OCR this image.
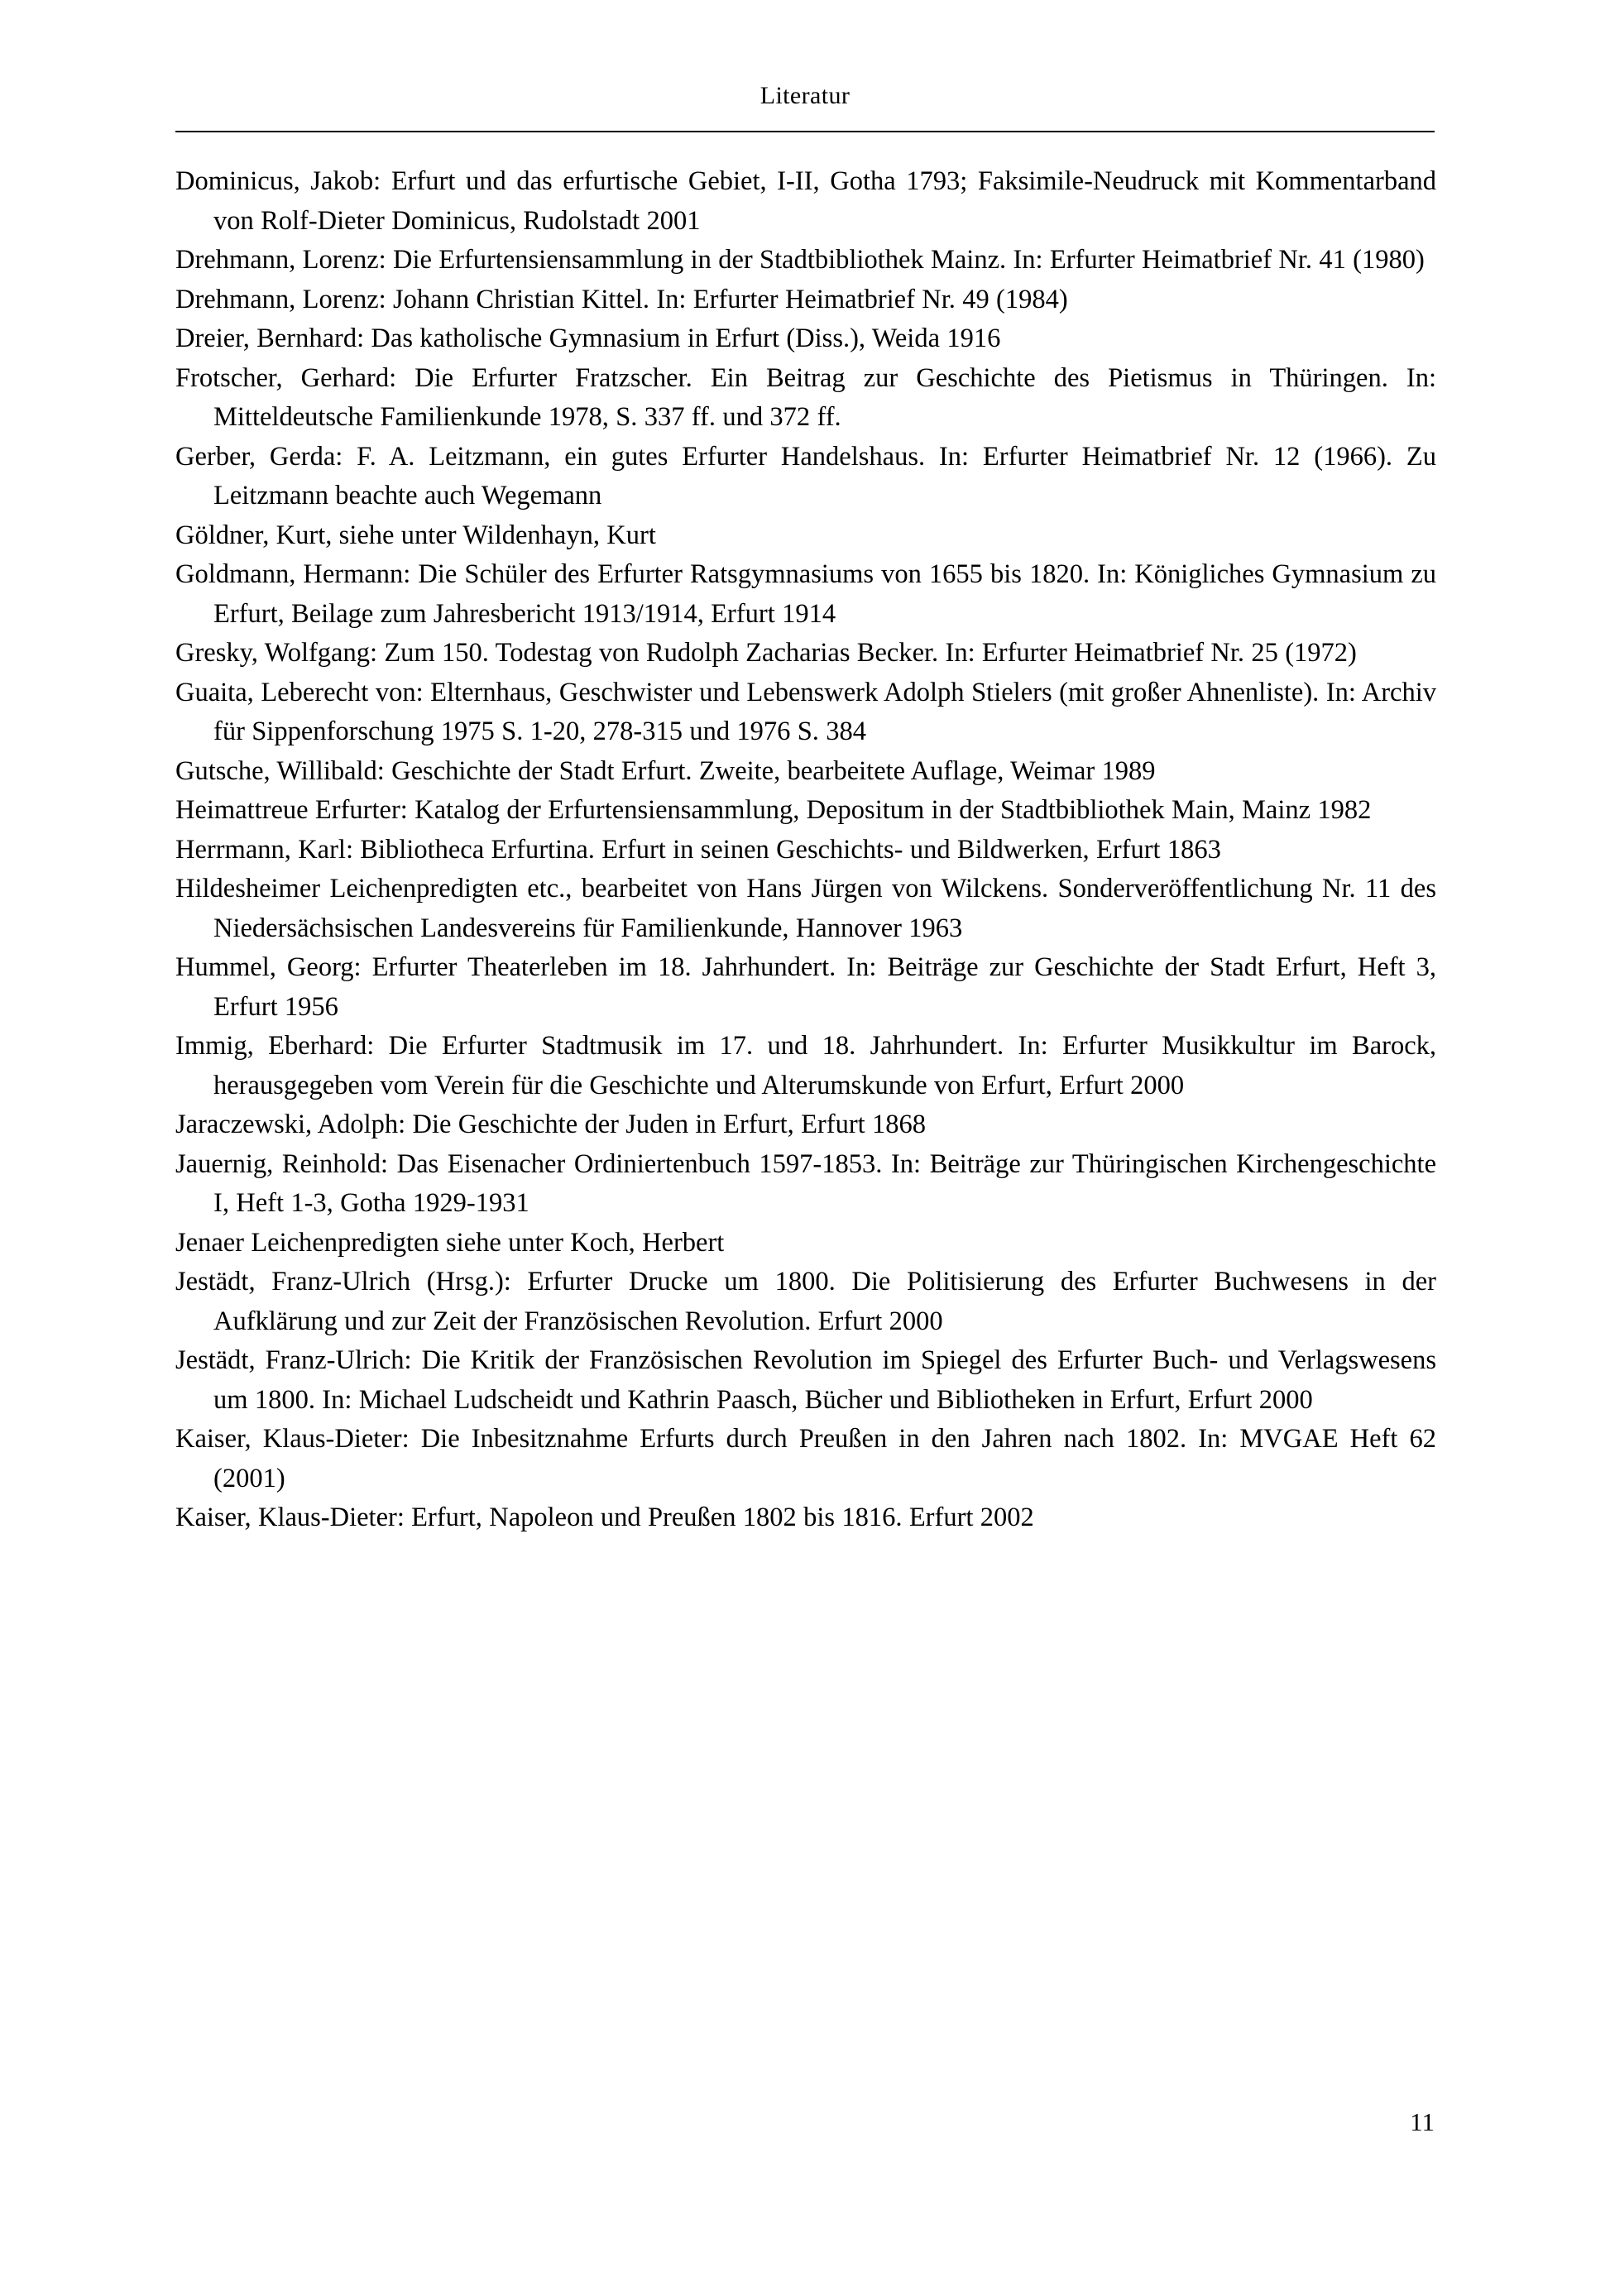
Literatur

Dominicus, Jakob: Erfurt und das erfurtische Gebiet, I-II, Gotha 1793; Faksimile-Neudruck mit Kommentarband von Rolf-Dieter Dominicus, Rudolstadt 2001

Drehmann, Lorenz: Die Erfurtensiensammlung in der Stadtbibliothek Mainz. In: Erfurter Heimatbrief Nr. 41 (1980)

Drehmann, Lorenz: Johann Christian Kittel. In: Erfurter Heimatbrief Nr. 49 (1984)

Dreier, Bernhard: Das katholische Gymnasium in Erfurt (Diss.), Weida 1916

Frotscher, Gerhard: Die Erfurter Fratzscher. Ein Beitrag zur Geschichte des Pietismus in Thüringen. In: Mitteldeutsche Familienkunde 1978, S. 337 ff. und 372 ff.

Gerber, Gerda: F. A. Leitzmann, ein gutes Erfurter Handelshaus. In: Erfurter Heimatbrief Nr. 12 (1966). Zu Leitzmann beachte auch Wegemann

Göldner, Kurt, siehe unter Wildenhayn, Kurt

Goldmann, Hermann: Die Schüler des Erfurter Ratsgymnasiums von 1655 bis 1820. In: Königliches Gymnasium zu Erfurt, Beilage zum Jahresbericht 1913/1914, Erfurt 1914

Gresky, Wolfgang: Zum 150. Todestag von Rudolph Zacharias Becker. In: Erfurter Heimatbrief Nr. 25 (1972)

Guaita, Leberecht von: Elternhaus, Geschwister und Lebenswerk Adolph Stielers (mit großer Ahnenliste). In: Archiv für Sippenforschung 1975 S. 1-20, 278-315 und 1976 S. 384

Gutsche, Willibald: Geschichte der Stadt Erfurt. Zweite, bearbeitete Auflage, Weimar 1989

Heimattreue Erfurter: Katalog der Erfurtensiensammlung, Depositum in der Stadtbibliothek Main, Mainz 1982

Herrmann, Karl: Bibliotheca Erfurtina. Erfurt in seinen Geschichts- und Bildwerken, Erfurt 1863

Hildesheimer Leichenpredigten etc., bearbeitet von Hans Jürgen von Wilckens. Sonderveröffentlichung Nr. 11 des Niedersächsischen Landesvereins für Familienkunde, Hannover 1963

Hummel, Georg: Erfurter Theaterleben im 18. Jahrhundert. In: Beiträge zur Geschichte der Stadt Erfurt, Heft 3, Erfurt 1956

Immig, Eberhard: Die Erfurter Stadtmusik im 17. und 18. Jahrhundert. In: Erfurter Musikkultur im Barock, herausgegeben vom Verein für die Geschichte und Alterumskunde von Erfurt, Erfurt 2000

Jaraczewski, Adolph: Die Geschichte der Juden in Erfurt, Erfurt 1868

Jauernig, Reinhold: Das Eisenacher Ordiniertenbuch 1597-1853. In: Beiträge zur Thüringischen Kirchengeschichte I, Heft 1-3, Gotha 1929-1931

Jenaer Leichenpredigten siehe unter Koch, Herbert

Jestädt, Franz-Ulrich (Hrsg.): Erfurter Drucke um 1800. Die Politisierung des Erfurter Buchwesens in der Aufklärung und zur Zeit der Französischen Revolution. Erfurt 2000

Jestädt, Franz-Ulrich: Die Kritik der Französischen Revolution im Spiegel des Erfurter Buch- und Verlagswesens um 1800. In: Michael Ludscheidt und Kathrin Paasch, Bücher und Bibliotheken in Erfurt, Erfurt 2000

Kaiser, Klaus-Dieter: Die Inbesitznahme Erfurts durch Preußen in den Jahren nach 1802. In: MVGAE Heft 62 (2001)

Kaiser, Klaus-Dieter: Erfurt, Napoleon und Preußen 1802 bis 1816. Erfurt 2002

11
